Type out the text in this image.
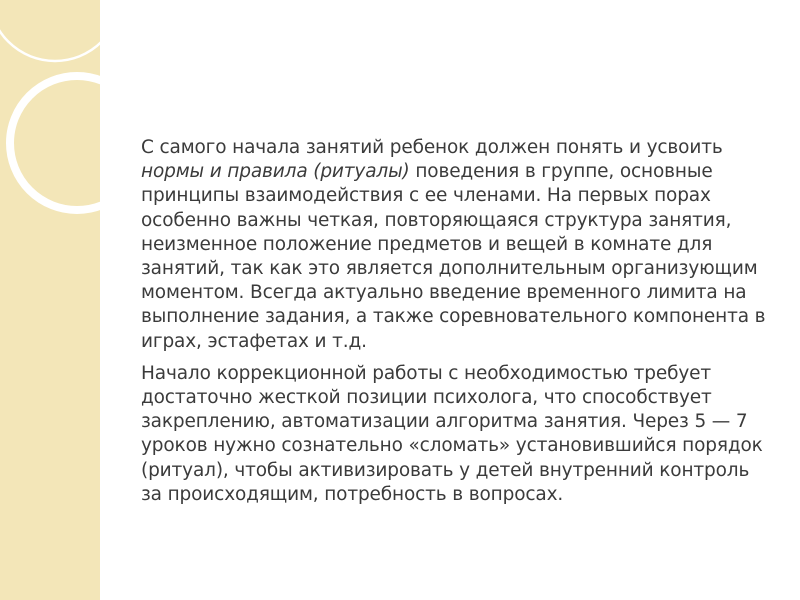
С самого начала занятий ребенок должен понять и усвоить нормы и правила (ритуалы) поведения в группе, основные принципы взаимодействия с ее членами. На первых порах особенно важны четкая, повторяющаяся структура занятия, неизменное положение предметов и вещей в комнате для занятий, так как это является дополнительным организующим моментом. Всегда актуально введение временного лимита на выполнение задания, а также соревновательного компонента в играх, эстафетах и т.д.

Начало коррекционной работы с необходимостью требует достаточно жесткой позиции психолога, что способствует закреплению, автоматизации алгоритма занятия. Через 5 — 7 уроков нужно сознательно «сломать» установившийся порядок (ритуал), чтобы активизировать у детей внутренний контроль за происходящим, потребность в вопросах.
